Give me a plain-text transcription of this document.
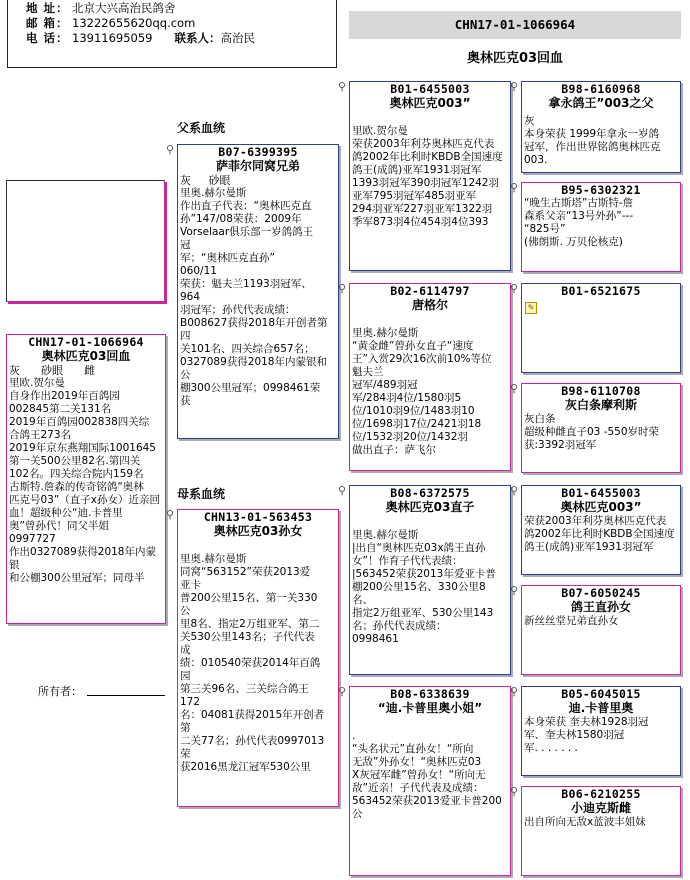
地 址： 北京大兴高治民鸽舍
邮 箱： 13222655620qq.com
电 话： 13911695059 联系人：高治民
CHN17-01-1066964
奥林匹克03回血
父系血统
母系血统
CHN17-01-1066964
奥林匹克03回血
灰 砂眼 雌
里欧.贺尔曼
自身作出2019年百鸽园
002845第二关131名
2019年百鸽园002838四关综
合鸽王273名
2019年京东燕翔国际1001645
第一关500公里82名.第四关
102名。四关综合院内159名
古斯特.詹森的传奇铭鸽“奥林
匹克号03”（直子x孙女）近亲回
血！超级种公“迪.卡普里
奥”曾孙代！同父半姐
0997727
作出0327089获得2018年内蒙
银
和公棚300公里冠军；同母半
⚲	B07-6399395
萨菲尔同窝兄弟
灰 砂眼
里奥.赫尔曼斯
作出直子代表：“奥林匹克直
孙”147/08荣获：2009年
Vorselaar俱乐部一岁鸽鸽王
冠
军；“奥林匹克直孙”
060/11
荣获：魁夫兰1193羽冠军、
964
羽冠军；孙代代表成绩：
B008627获得2018年开创者第
四
关101名、四关综合657名；
0327089获得2018年内蒙银和
公
棚300公里冠军；0998461荣
获
⚲	CHN13-01-563453
奥林匹克03孙女
里奥.赫尔曼斯
同窝“563152”荣获2013爱
亚卡
普200公里15名、第一关330
公
里8名、指定2万组亚军、第二
关530公里143名；子代代表
成
绩：010540荣获2014年百鸽
园
第三关96名、三关综合鸽王
172
名：04081获得2015年开创者
第
二关77名；孙代代表0997013
荣
获2016黑龙江冠军530公里
⚲	B01-6455003
奥林匹克003”
里欧.贺尔曼
荣获2003年利芬奥林匹克代表
鸽2002年比利时KBDB全国速度
鸽王(成鸽)亚军1931羽冠军
1393羽冠军390羽冠军1242羽
亚军795羽冠军485羽亚军
294羽亚军227羽亚军1322羽
季军873羽4位454羽4位393
⚲	B02-6114797
唐格尔
里奥.赫尔曼斯
“黄金雌”曾孙女直子“速度
王”入赏29次16次前10%等位
魁夫兰
冠军/489羽冠
军/284羽4位/1580羽5
位/1010羽9位/1483羽10
位/1698羽17位/2421羽18
位/1532羽20位/1432羽
做出直子：萨飞尔
⚲	B08-6372575
奥林匹克03直子
里奥.赫尔曼斯
|出自“奥林匹克03x鸽王直孙
女”！作育子代代表绩：
|563452荣获2013年爱亚卡普
棚200公里15名、330公里8
名、
指定2万组亚军、530公里143
名；孙代代表成绩：
0998461
⚲	B08-6338639
“迪.卡普里奥小姐”
.
“头名状元”直孙女！“所向
无敌”外孙女！“奥林匹克03
X灰冠军雌”曾孙女！“所向无
敌”近亲！子代代表及成绩：
563452荣获2013爱亚卡普200
公
⚲	B98-6160968
拿永鸽王”003之父
灰
本身荣获 1999年拿永一岁鸽
冠军，作出世界铭鸽奥林匹克
003.
⚲	B95-6302321
“晚生古斯塔”古斯特-詹
森系父亲“13号外孙”---
“825号”
(佛朗斯. 万贝伦核克)
⚲	B01-6521675
✎
⚲	B98-6110708
灰白条摩利斯
灰白条
超级种雌直子03 -550岁时荣
获:3392羽冠军
⚲	B01-6455003
奥林匹克003”
荣获2003年利芬奥林匹克代表
鸽2002年比利时KBDB全国速度
鸽王(成鸽)亚军1931羽冠军
⚲	B07-6050245
鸽王直孙女
新丝丝堂兄弟直孙女
⚲	B05-6045015
迪.卡普里奥
本身荣获 奎夫林1928羽冠
军、奎夫林1580羽冠
军. . . . . . .
⚲	B06-6210255
小迪克斯雌
出自所向无敌x蓝波丰姐妹
所有者：
